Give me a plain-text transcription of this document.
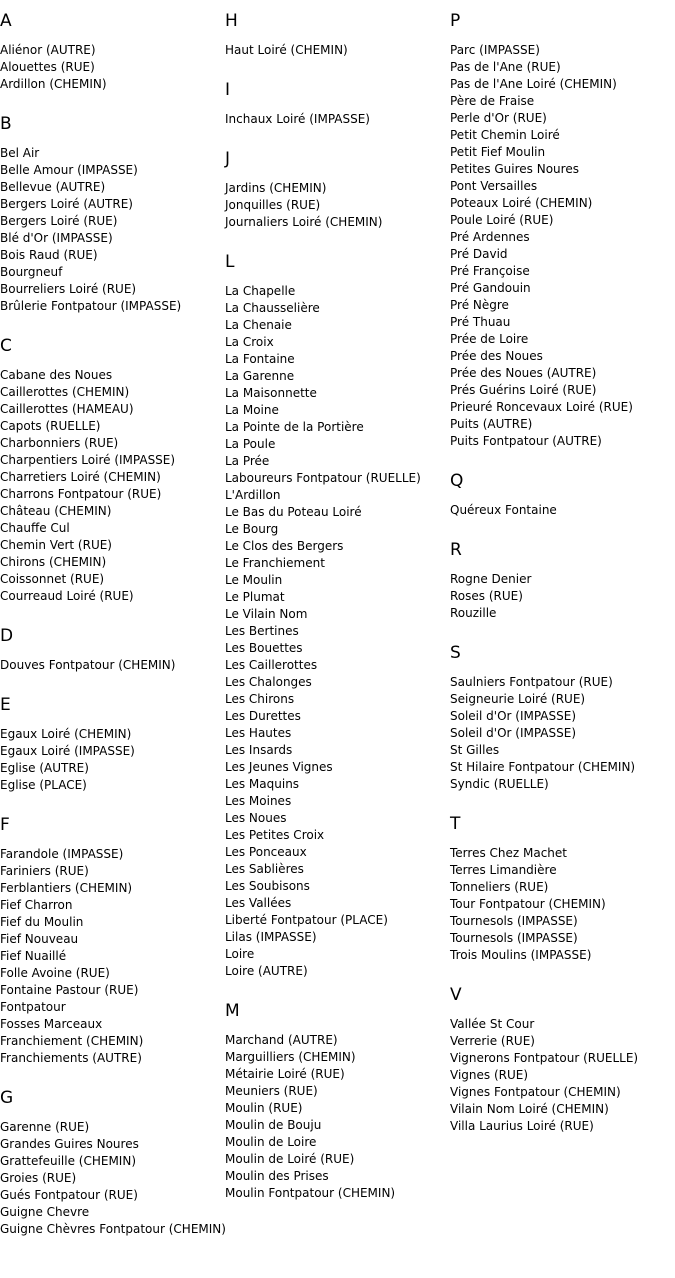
A
Aliénor (AUTRE)
Alouettes (RUE)
Ardillon (CHEMIN)
B
Bel Air
Belle Amour (IMPASSE)
Bellevue (AUTRE)
Bergers Loiré (AUTRE)
Bergers Loiré (RUE)
Blé d'Or (IMPASSE)
Bois Raud (RUE)
Bourgneuf
Bourreliers Loiré (RUE)
Brûlerie Fontpatour (IMPASSE)
C
Cabane des Noues
Caillerottes (CHEMIN)
Caillerottes (HAMEAU)
Capots (RUELLE)
Charbonniers (RUE)
Charpentiers Loiré (IMPASSE)
Charretiers Loiré (CHEMIN)
Charrons Fontpatour (RUE)
Château (CHEMIN)
Chauffe Cul
Chemin Vert (RUE)
Chirons (CHEMIN)
Coissonnet (RUE)
Courreaud Loiré (RUE)
D
Douves Fontpatour (CHEMIN)
E
Egaux Loiré (CHEMIN)
Egaux Loiré (IMPASSE)
Eglise (AUTRE)
Eglise (PLACE)
F
Farandole (IMPASSE)
Fariniers (RUE)
Ferblantiers (CHEMIN)
Fief Charron
Fief du Moulin
Fief Nouveau
Fief Nuaillé
Folle Avoine (RUE)
Fontaine Pastour (RUE)
Fontpatour
Fosses Marceaux
Franchiement (CHEMIN)
Franchiements (AUTRE)
G
Garenne (RUE)
Grandes Guires Noures
Grattefeuille (CHEMIN)
Groies (RUE)
Gués Fontpatour (RUE)
Guigne Chevre
Guigne Chèvres Fontpatour (CHEMIN)
H
Haut Loiré (CHEMIN)
I
Inchaux Loiré (IMPASSE)
J
Jardins (CHEMIN)
Jonquilles (RUE)
Journaliers Loiré (CHEMIN)
L
La Chapelle
La Chausselière
La Chenaie
La Croix
La Fontaine
La Garenne
La Maisonnette
La Moine
La Pointe de la Portière
La Poule
La Prée
Laboureurs Fontpatour (RUELLE)
L'Ardillon
Le Bas du Poteau Loiré
Le Bourg
Le Clos des Bergers
Le Franchiement
Le Moulin
Le Plumat
Le Vilain Nom
Les Bertines
Les Bouettes
Les Caillerottes
Les Chalonges
Les Chirons
Les Durettes
Les Hautes
Les Insards
Les Jeunes Vignes
Les Maquins
Les Moines
Les Noues
Les Petites Croix
Les Ponceaux
Les Sablières
Les Soubisons
Les Vallées
Liberté Fontpatour (PLACE)
Lilas (IMPASSE)
Loire
Loire (AUTRE)
M
Marchand (AUTRE)
Marguilliers (CHEMIN)
Métairie Loiré (RUE)
Meuniers (RUE)
Moulin (RUE)
Moulin de Bouju
Moulin de Loire
Moulin de Loiré (RUE)
Moulin des Prises
Moulin Fontpatour (CHEMIN)
P
Parc (IMPASSE)
Pas de l'Ane (RUE)
Pas de l'Ane Loiré (CHEMIN)
Père de Fraise
Perle d'Or (RUE)
Petit Chemin Loiré
Petit Fief Moulin
Petites Guires Noures
Pont Versailles
Poteaux Loiré (CHEMIN)
Poule Loiré (RUE)
Pré Ardennes
Pré David
Pré Françoise
Pré Gandouin
Pré Nègre
Pré Thuau
Prée de Loire
Prée des Noues
Prée des Noues (AUTRE)
Prés Guérins Loiré (RUE)
Prieuré Roncevaux Loiré (RUE)
Puits (AUTRE)
Puits Fontpatour (AUTRE)
Q
Quéreux Fontaine
R
Rogne Denier
Roses (RUE)
Rouzille
S
Saulniers Fontpatour (RUE)
Seigneurie Loiré (RUE)
Soleil d'Or (IMPASSE)
Soleil d'Or (IMPASSE)
St Gilles
St Hilaire Fontpatour (CHEMIN)
Syndic (RUELLE)
T
Terres Chez Machet
Terres Limandière
Tonneliers (RUE)
Tour Fontpatour (CHEMIN)
Tournesols (IMPASSE)
Tournesols (IMPASSE)
Trois Moulins (IMPASSE)
V
Vallée St Cour
Verrerie (RUE)
Vignerons Fontpatour (RUELLE)
Vignes (RUE)
Vignes Fontpatour (CHEMIN)
Vilain Nom Loiré (CHEMIN)
Villa Laurius Loiré (RUE)
